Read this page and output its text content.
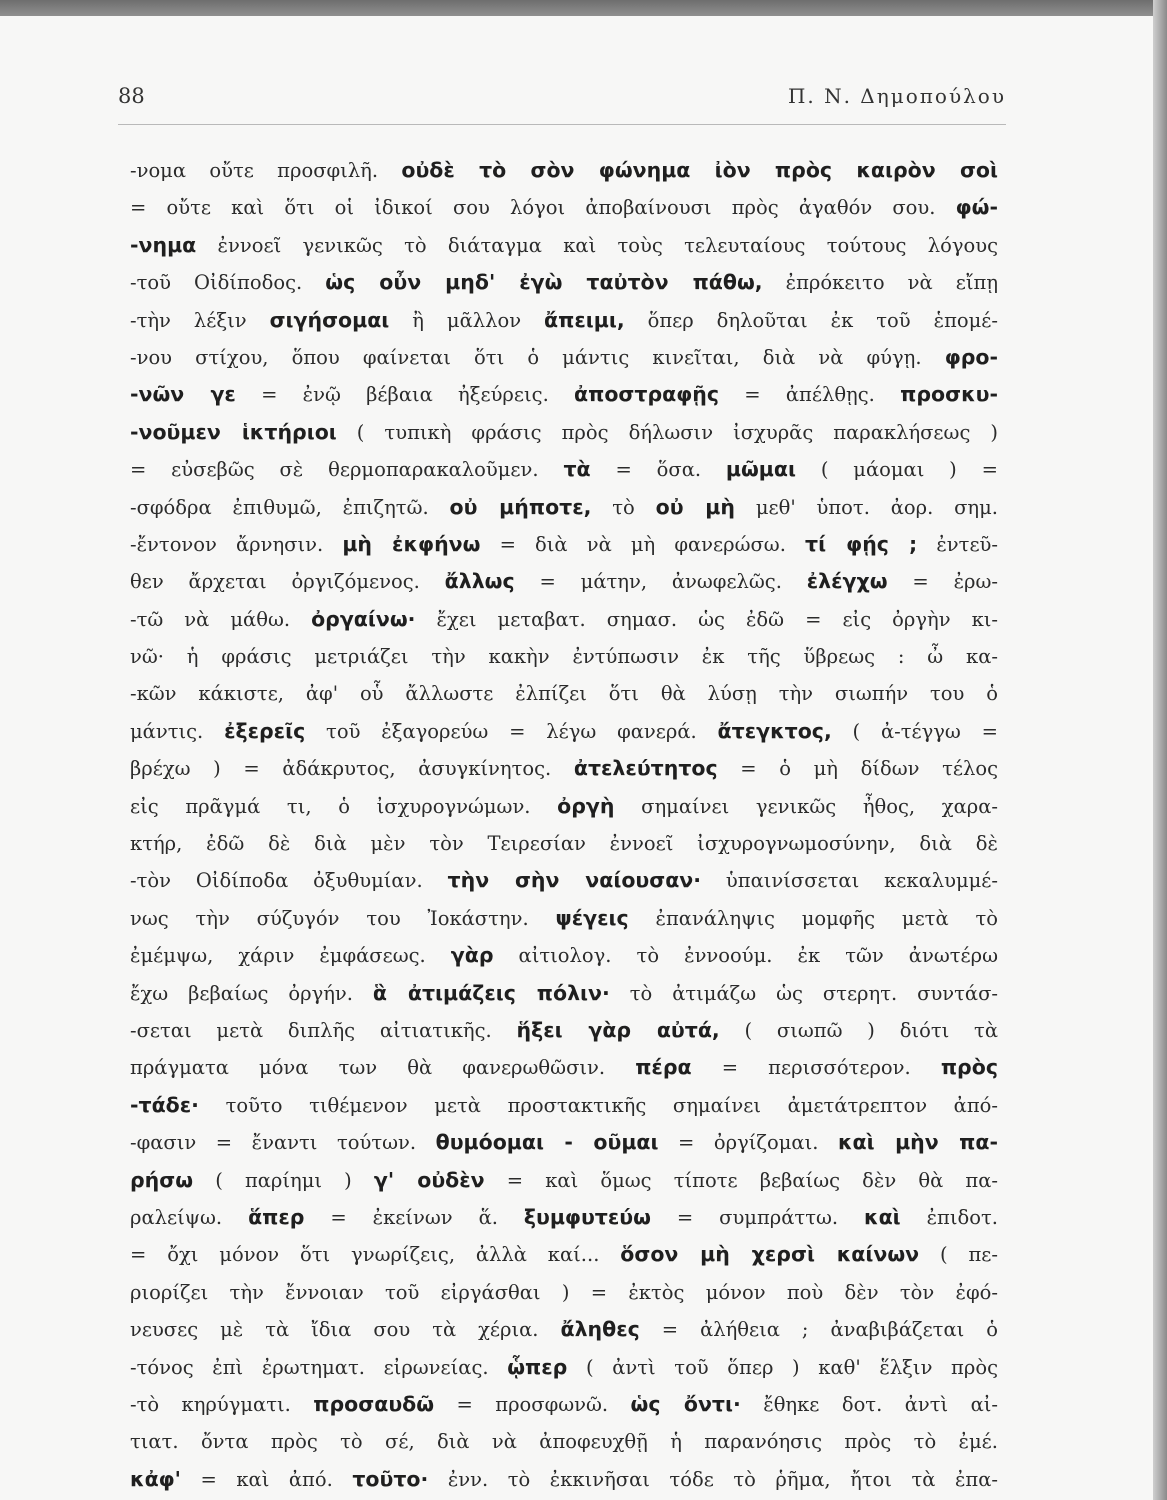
88	Π. Ν. Δημοπούλου
-νομα οὔτε προσφιλῆ. οὐδὲ τὸ σὸν φώνημα ἰὸν πρὸς καιρὸν σοὶ
= οὔτε καὶ ὅτι οἱ ἰδικοί σου λόγοι ἀποβαίνουσι πρὸς ἀγαθόν σου. φώ-
-νημα ἐννοεῖ γενικῶς τὸ διάταγμα καὶ τοὺς τελευταίους τούτους λόγους
-τοῦ Οἰδίποδος. ὡς οὖν μηδ' ἐγὼ ταὐτὸν πάθω, ἐπρόκειτο νὰ εἴπῃ
-τὴν λέξιν σιγήσομαι ἢ μᾶλλον ἄπειμι, ὅπερ δηλοῦται ἐκ τοῦ ἑπομέ-
-νου στίχου, ὅπου φαίνεται ὅτι ὁ μάντις κινεῖται, διὰ νὰ φύγῃ. φρο-
-νῶν γε = ἐνῷ βέβαια ἠξεύρεις. ἀποστραφῇς = ἀπέλθῃς. προσκυ-
-νοῦμεν ἱκτήριοι ( τυπικὴ φράσις πρὸς δήλωσιν ἰσχυρᾶς παρακλήσεως )
= εὐσεβῶς σὲ θερμοπαρακαλοῦμεν. τὰ = ὅσα. μῶμαι ( μάομαι ) =
-σφόδρα ἐπιθυμῶ, ἐπιζητῶ. οὐ μήποτε, τὸ οὐ μὴ μεθ' ὑποτ. ἀορ. σημ.
-ἔντονον ἄρνησιν. μὴ ἐκφήνω = διὰ νὰ μὴ φανερώσω. τί φῄς ; ἐντεῦ-
θεν ἄρχεται ὀργιζόμενος. ἄλλως = μάτην, ἀνωφελῶς. ἐλέγχω = ἐρω-
-τῶ νὰ μάθω. ὀργαίνω· ἔχει μεταβατ. σημασ. ὡς ἐδῶ = εἰς ὀργὴν κι-
νῶ· ἡ φράσις μετριάζει τὴν κακὴν ἐντύπωσιν ἐκ τῆς ὕβρεως : ὦ κα-
-κῶν κάκιστε, ἀφ' οὗ ἄλλωστε ἐλπίζει ὅτι θὰ λύσῃ τὴν σιωπήν του ὁ
μάντις. ἐξερεῖς τοῦ ἐξαγορεύω = λέγω φανερά. ἄτεγκτος, ( ἀ-τέγγω =
βρέχω ) = ἀδάκρυτος, ἀσυγκίνητος. ἀτελεύτητος = ὁ μὴ δίδων τέλος
εἰς πρᾶγμά τι, ὁ ἰσχυρογνώμων. ὀργὴ σημαίνει γενικῶς ἦθος, χαρα-
κτήρ, ἐδῶ δὲ διὰ μὲν τὸν Τειρεσίαν ἐννοεῖ ἰσχυρογνωμοσύνην, διὰ δὲ
-τὸν Οἰδίποδα ὀξυθυμίαν. τὴν σὴν ναίουσαν· ὑπαινίσσεται κεκαλυμμέ-
νως τὴν σύζυγόν του Ἰοκάστην. ψέγεις ἐπανάληψις μομφῆς μετὰ τὸ
ἐμέμψω, χάριν ἐμφάσεως. γὰρ αἰτιολογ. τὸ ἐννοούμ. ἐκ τῶν ἀνωτέρω
ἔχω βεβαίως ὀργήν. ἃ ἀτιμάζεις πόλιν· τὸ ἀτιμάζω ὡς στερητ. συντάσ-
-σεται μετὰ διπλῆς αἰτιατικῆς. ἥξει γὰρ αὐτά, ( σιωπῶ ) διότι τὰ
πράγματα μόνα των θὰ φανερωθῶσιν. πέρα = περισσότερον. πρὸς
-τάδε· τοῦτο τιθέμενον μετὰ προστακτικῆς σημαίνει ἀμετάτρεπτον ἀπό-
-φασιν = ἔναντι τούτων. θυμόομαι - οῦμαι = ὀργίζομαι. καὶ μὴν πα-
ρήσω ( παρίημι ) γ' οὐδὲν = καὶ ὅμως τίποτε βεβαίως δὲν θὰ πα-
ραλείψω. ἅπερ = ἐκείνων ἅ. ξυμφυτεύω = συμπράττω. καὶ ἐπιδοτ.
= ὄχι μόνον ὅτι γνωρίζεις, ἀλλὰ καί... ὅσον μὴ χερσὶ καίνων ( πε-
ριορίζει τὴν ἔννοιαν τοῦ εἰργάσθαι ) = ἐκτὸς μόνον ποὺ δὲν τὸν ἐφό-
νευσες μὲ τὰ ἴδια σου τὰ χέρια. ἄληθες = ἀλήθεια ; ἀναβιβάζεται ὁ
-τόνος ἐπὶ ἐρωτηματ. εἰρωνείας. ᾧπερ ( ἀντὶ τοῦ ὅπερ ) καθ' ἕλξιν πρὸς
-τὸ κηρύγματι. προσαυδῶ = προσφωνῶ. ὡς ὄντι· ἔθηκε δοτ. ἀντὶ αἰ-
τιατ. ὄντα πρὸς τὸ σέ, διὰ νὰ ἀποφευχθῇ ἡ παρανόησις πρὸς τὸ ἐμέ.
κἀφ' = καὶ ἀπό. τοῦτο· ἐνν. τὸ ἐκκινῆσαι τόδε τὸ ῥῆμα, ἤτοι τὰ ἐπα-
